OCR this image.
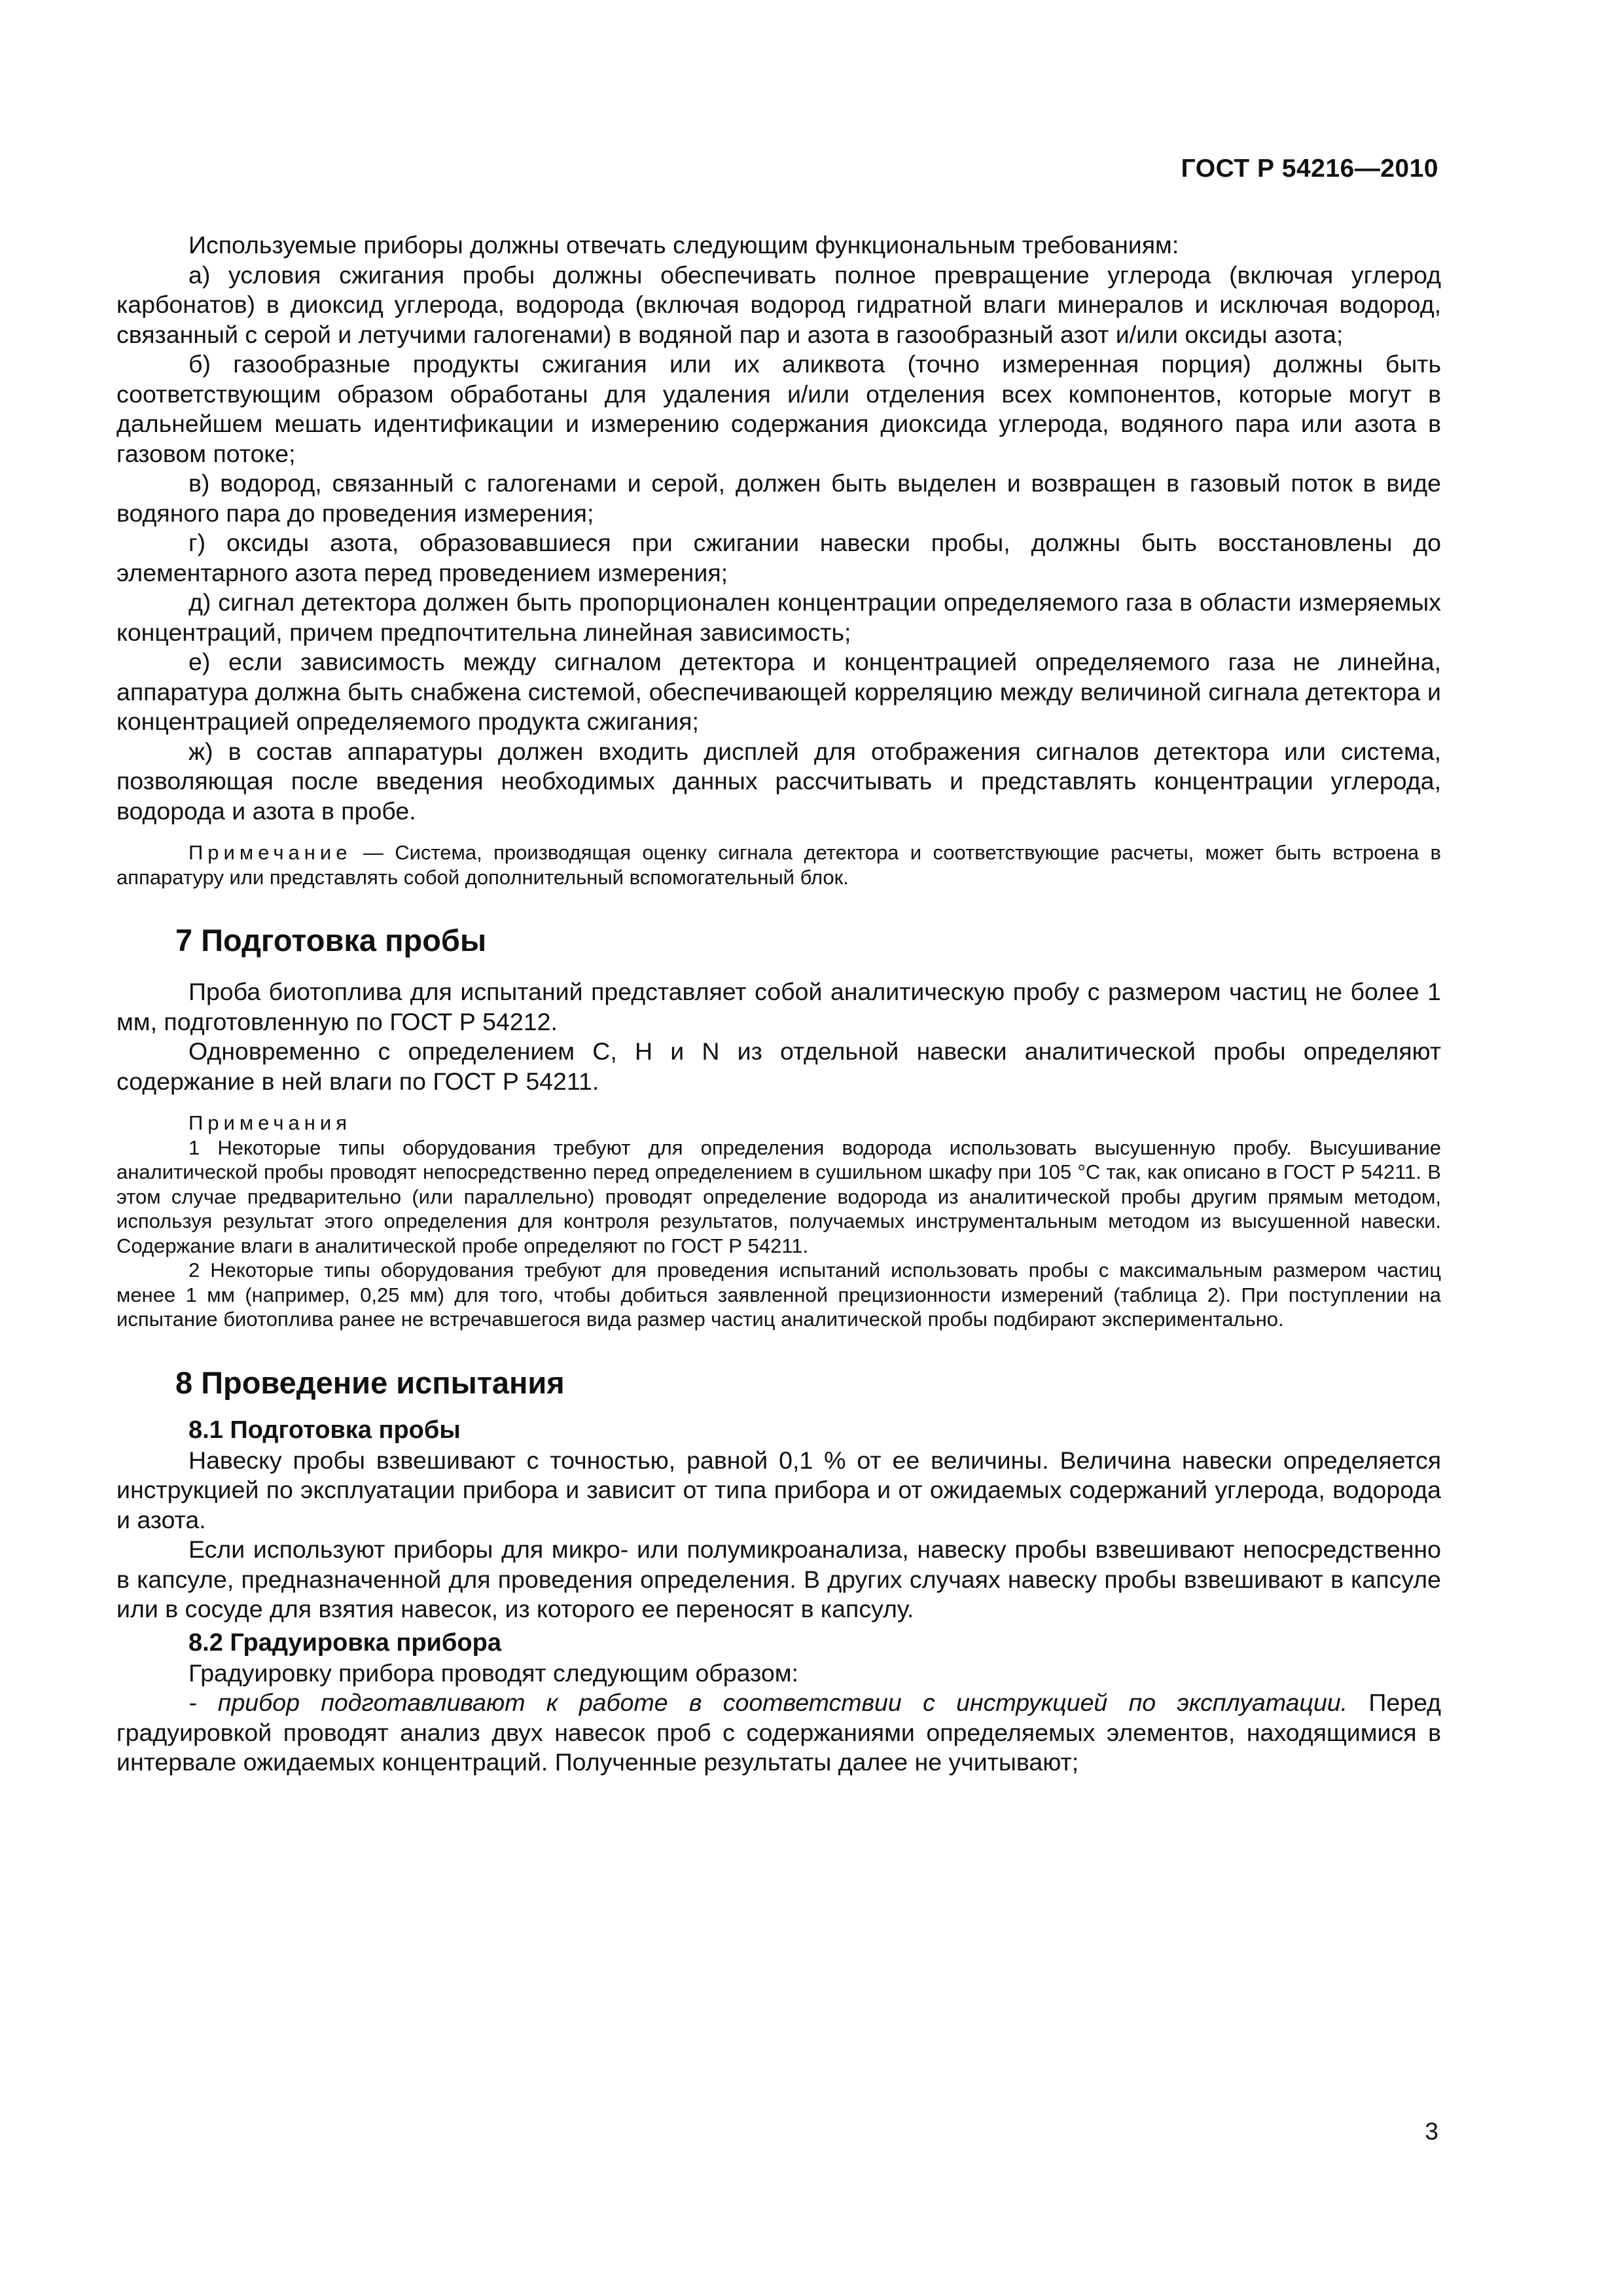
ГОСТ Р 54216—2010

Используемые приборы должны отвечать следующим функциональным требованиям:

а) условия сжигания пробы должны обеспечивать полное превращение углерода (включая углерод карбонатов) в диоксид углерода, водорода (включая водород гидратной влаги минералов и исключая водород, связанный с серой и летучими галогенами) в водяной пар и азота в газообразный азот и/или оксиды азота;

б) газообразные продукты сжигания или их аликвота (точно измеренная порция) должны быть соответствующим образом обработаны для удаления и/или отделения всех компонентов, которые могут в дальнейшем мешать идентификации и измерению содержания диоксида углерода, водяного пара или азота в газовом потоке;

в) водород, связанный с галогенами и серой, должен быть выделен и возвращен в газовый поток в виде водяного пара до проведения измерения;

г) оксиды азота, образовавшиеся при сжигании навески пробы, должны быть восстановлены до элементарного азота перед проведением измерения;

д) сигнал детектора должен быть пропорционален концентрации определяемого газа в области измеряемых концентраций, причем предпочтительна линейная зависимость;

е) если зависимость между сигналом детектора и концентрацией определяемого газа не линейна, аппаратура должна быть снабжена системой, обеспечивающей корреляцию между величиной сигнала детектора и концентрацией определяемого продукта сжигания;

ж) в состав аппаратуры должен входить дисплей для отображения сигналов детектора или система, позволяющая после введения необходимых данных рассчитывать и представлять концентрации углерода, водорода и азота в пробе.

Примечание — Система, производящая оценку сигнала детектора и соответствующие расчеты, может быть встроена в аппаратуру или представлять собой дополнительный вспомогательный блок.

7 Подготовка пробы

Проба биотоплива для испытаний представляет собой аналитическую пробу с размером частиц не более 1 мм, подготовленную по ГОСТ Р 54212.

Одновременно с определением С, Н и N из отдельной навески аналитической пробы определяют содержание в ней влаги по ГОСТ Р 54211.

Примечания

1 Некоторые типы оборудования требуют для определения водорода использовать высушенную пробу. Высушивание аналитической пробы проводят непосредственно перед определением в сушильном шкафу при 105 °С так, как описано в ГОСТ Р 54211. В этом случае предварительно (или параллельно) проводят определение водорода из аналитической пробы другим прямым методом, используя результат этого определения для контроля результатов, получаемых инструментальным методом из высушенной навески. Содержание влаги в аналитической пробе определяют по ГОСТ Р 54211.

2 Некоторые типы оборудования требуют для проведения испытаний использовать пробы с максимальным размером частиц менее 1 мм (например, 0,25 мм) для того, чтобы добиться заявленной прецизионности измерений (таблица 2). При поступлении на испытание биотоплива ранее не встречавшегося вида размер частиц аналитической пробы подбирают экспериментально.

8 Проведение испытания
8.1 Подготовка пробы

Навеску пробы взвешивают с точностью, равной 0,1 % от ее величины. Величина навески определяется инструкцией по эксплуатации прибора и зависит от типа прибора и от ожидаемых содержаний углерода, водорода и азота.

Если используют приборы для микро- или полумикроанализа, навеску пробы взвешивают непосредственно в капсуле, предназначенной для проведения определения. В других случаях навеску пробы взвешивают в капсуле или в сосуде для взятия навесок, из которого ее переносят в капсулу.

8.2 Градуировка прибора

Градуировку прибора проводят следующим образом:

- прибор подготавливают к работе в соответствии с инструкцией по эксплуатации. Перед градуировкой проводят анализ двух навесок проб с содержаниями определяемых элементов, находящимися в интервале ожидаемых концентраций. Полученные результаты далее не учитывают;

3
